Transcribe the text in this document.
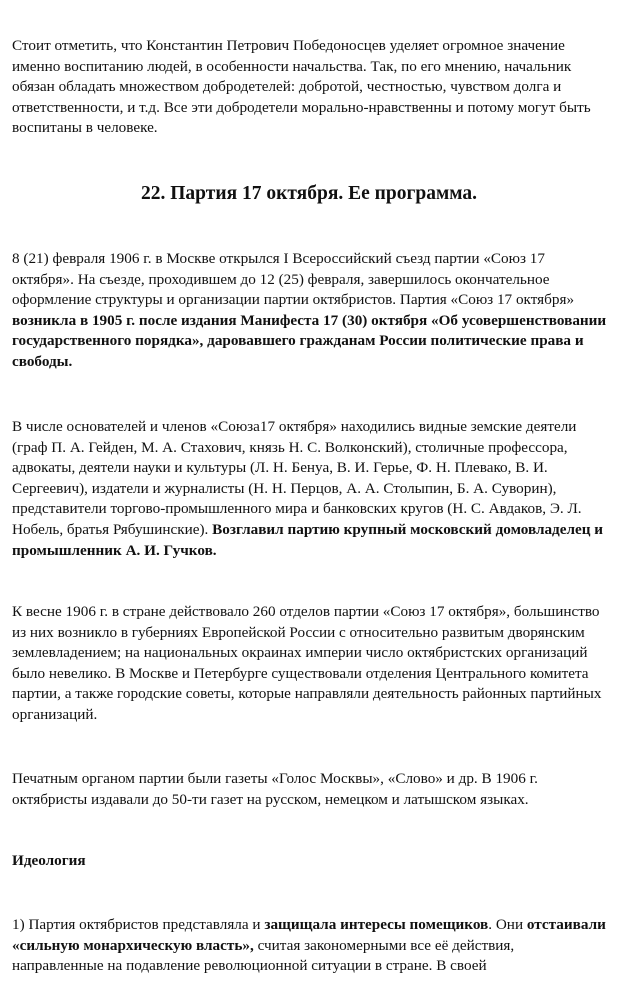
Стоит отметить, что Константин Петрович Победоносцев уделяет огромное значение именно воспитанию людей, в особенности начальства. Так, по его мнению, начальник обязан обладать множеством добродетелей: добротой, честностью, чувством долга и ответственности, и т.д. Все эти добродетели морально-нравственны и потому могут быть воспитаны в человеке.

22. Партия 17 октября. Ее программа.

8 (21) февраля 1906 г. в Москве открылся I Всероссийский съезд партии «Союз 17 октября». На съезде, проходившем до 12 (25) февраля, завершилось окончательное оформление структуры и организации партии октябристов. Партия «Союз 17 октября» возникла в 1905 г. после издания Манифеста 17 (30) октября «Об усовершенствовании государственного порядка», даровавшего гражданам России политические права и свободы.

В числе основателей и членов «Союза17 октября» находились видные земские деятели (граф П. А. Гейден, М. А. Стахович, князь Н. С. Волконский), столичные профессора, адвокаты, деятели науки и культуры (Л. Н. Бенуа, В. И. Герье, Ф. Н. Плевако, В. И. Сергеевич), издатели и журналисты (Н. Н. Перцов, А. А. Столыпин, Б. А. Суворин), представители торгово-промышленного мира и банковских кругов (Н. С. Авдаков, Э. Л. Нобель, братья Рябушинские). Возглавил партию крупный московский домовладелец и промышленник А. И. Гучков.

К весне 1906 г. в стране действовало 260 отделов партии «Союз 17 октября», большинство из них возникло в губерниях Европейской России с относительно развитым дворянским землевладением; на национальных окраинах империи число октябристских организаций было невелико. В Москве и Петербурге существовали отделения Центрального комитета партии, а также городские советы, которые направляли деятельность районных партийных организаций.

Печатным органом партии были газеты «Голос Москвы», «Слово» и др. В 1906 г. октябристы издавали до 50-ти газет на русском, немецком и латышском языках.

Идеология

1) Партия октябристов представляла и защищала интересы помещиков. Они отстаивали «сильную монархическую власть», считая закономерными все её действия, направленные на подавление революционной ситуации в стране. В своей
